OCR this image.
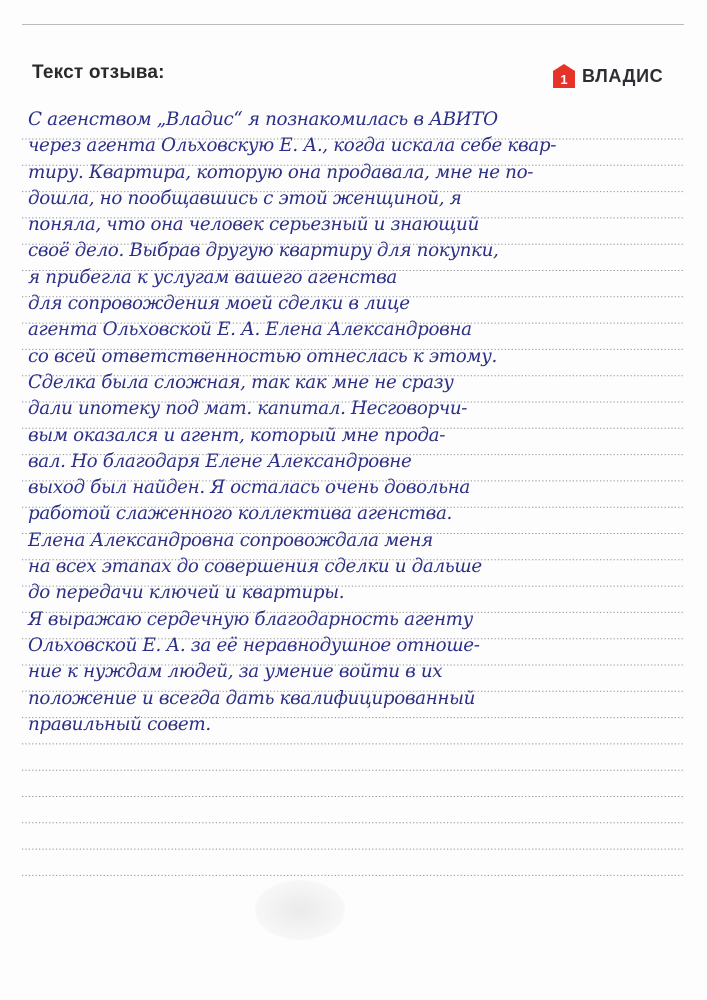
Текст отзыва:	1 ВЛАДИС
С агенством „Владис“ я познакомилась в АВИТО
через агента Ольховскую Е. А., когда искала себе квар-
тиру. Квартира, которую она продавала, мне не по-
дошла, но пообщавшись с этой женщиной, я
поняла, что она человек серьезный и знающий
своё дело. Выбрав другую квартиру для покупки,
я прибегла к услугам вашего агенства
для сопровождения моей сделки в лице
агента Ольховской Е. А. Елена Александровна
со всей ответственностью отнеслась к этому.
Сделка была сложная, так как мне не сразу
дали ипотеку под мат. капитал. Несговорчи-
вым оказался и агент, который мне прода-
вал. Но благодаря Елене Александровне
выход был найден. Я осталась очень довольна
работой слаженного коллектива агенства.
Елена Александровна сопровождала меня
на всех этапах до совершения сделки и дальше
до передачи ключей и квартиры.
Я выражаю сердечную благодарность агенту
Ольховской Е. А. за её неравнодушное отноше-
ние к нуждам людей, за умение войти в их
положение и всегда дать квалифицированный
правильный совет.
